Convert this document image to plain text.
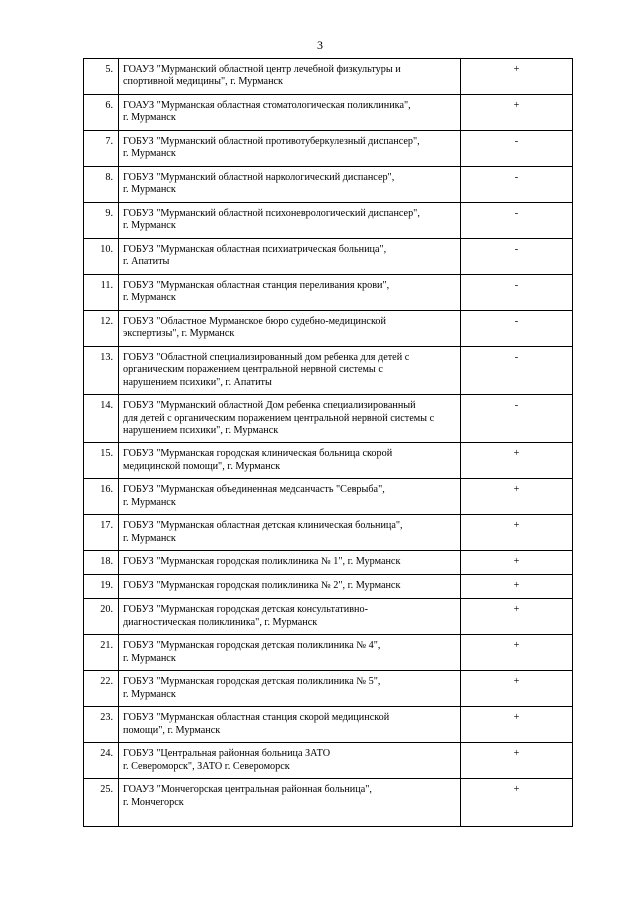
3
5.	ГОАУЗ "Мурманский областной центр лечебной физкультуры и
спортивной медицины", г. Мурманск	+
6.	ГОАУЗ "Мурманская областная стоматологическая поликлиника",
г. Мурманск	+
7.	ГОБУЗ "Мурманский областной противотуберкулезный диспансер",
г. Мурманск	-
8.	ГОБУЗ "Мурманский областной наркологический диспансер",
г. Мурманск	-
9.	ГОБУЗ "Мурманский областной психоневрологический диспансер",
г. Мурманск	-
10.	ГОБУЗ "Мурманская областная психиатрическая больница",
г. Апатиты	-
11.	ГОБУЗ "Мурманская областная станция переливания крови",
г. Мурманск	-
12.	ГОБУЗ "Областное Мурманское бюро судебно-медицинской
экспертизы", г. Мурманск	-
13.	ГОБУЗ "Областной специализированный дом ребенка для детей с
органическим поражением центральной нервной системы с
нарушением психики", г. Апатиты	-
14.	ГОБУЗ "Мурманский областной Дом ребенка специализированный
для детей с органическим поражением центральной нервной системы с
нарушением психики", г. Мурманск	-
15.	ГОБУЗ "Мурманская городская клиническая больница скорой
медицинской помощи", г. Мурманск	+
16.	ГОБУЗ "Мурманская объединенная медсанчасть "Севрыба",
г. Мурманск	+
17.	ГОБУЗ "Мурманская областная детская клиническая больница",
г. Мурманск	+
18.	ГОБУЗ "Мурманская городская поликлиника № 1", г. Мурманск	+
19.	ГОБУЗ "Мурманская городская поликлиника № 2", г. Мурманск	+
20.	ГОБУЗ "Мурманская городская детская консультативно-
диагностическая поликлиника", г. Мурманск	+
21.	ГОБУЗ "Мурманская городская детская поликлиника № 4",
г. Мурманск	+
22.	ГОБУЗ "Мурманская городская детская поликлиника № 5",
г. Мурманск	+
23.	ГОБУЗ "Мурманская областная станция скорой медицинской
помощи", г. Мурманск	+
24.	ГОБУЗ "Центральная районная больница ЗАТО
г. Североморск", ЗАТО г. Североморск	+
25.	ГОАУЗ "Мончегорская центральная районная больница",
г. Мончегорск	+
